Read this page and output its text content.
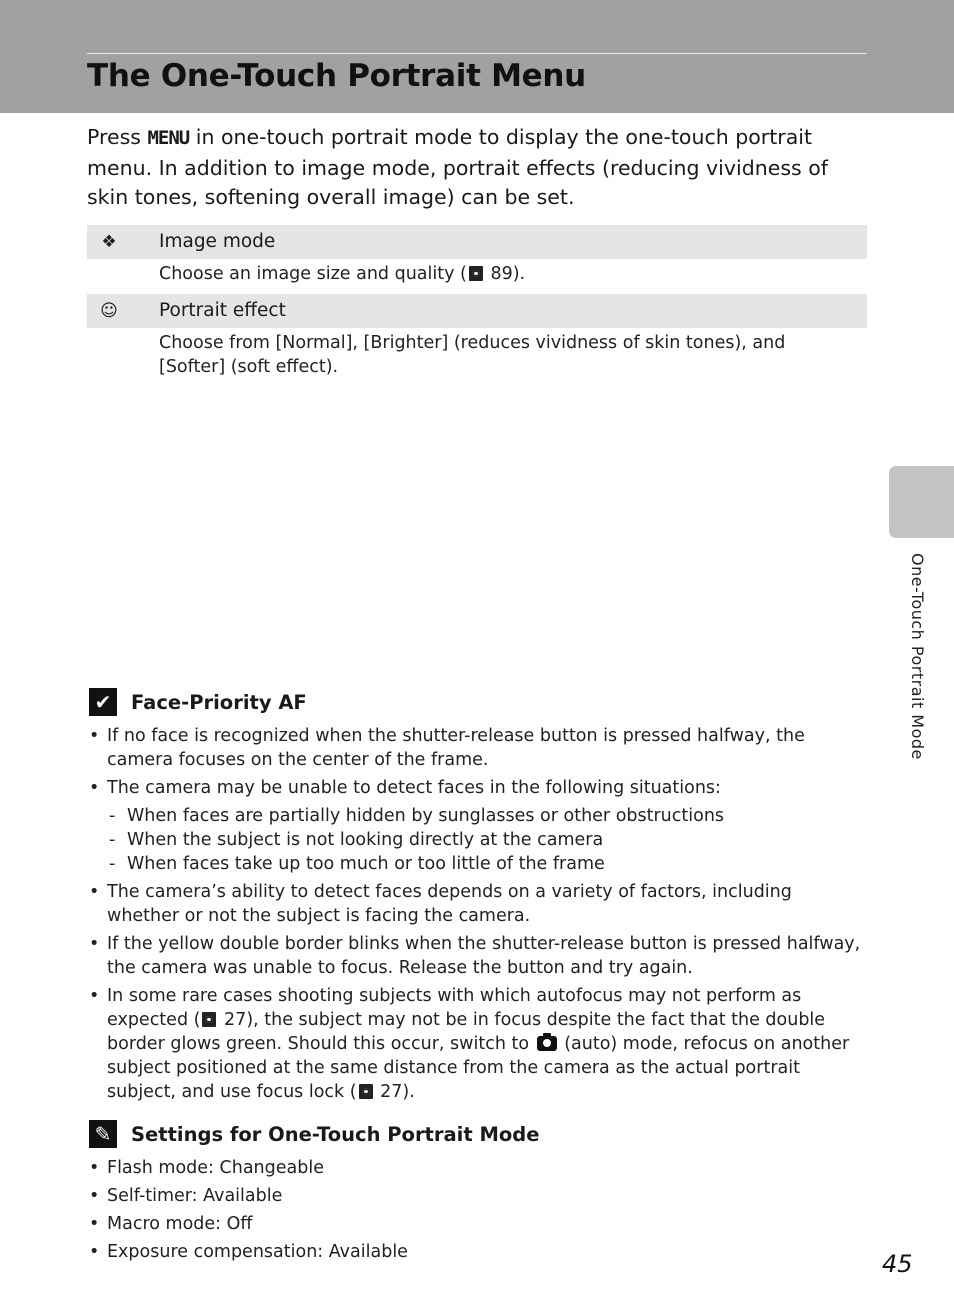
The One-Touch Portrait Menu

Press MENU in one-touch portrait mode to display the one-touch portrait menu. In addition to image mode, portrait effects (reducing vividness of skin tones, softening overall image) can be set.

❖ Image mode
Choose an image size and quality ( 89).
☺ Portrait effect
Choose from [Normal], [Brighter] (reduces vividness of skin tones), and [Softer] (soft effect).
One-Touch Portrait Mode
✔ Face-Priority AF
• If no face is recognized when the shutter-release button is pressed halfway, the camera focuses on the center of the frame.
• The camera may be unable to detect faces in the following situations:
- When faces are partially hidden by sunglasses or other obstructions
- When the subject is not looking directly at the camera
- When faces take up too much or too little of the frame
• The camera’s ability to detect faces depends on a variety of factors, including whether or not the subject is facing the camera.
• If the yellow double border blinks when the shutter-release button is pressed halfway, the camera was unable to focus. Release the button and try again.
• In some rare cases shooting subjects with which autofocus may not perform as expected ( 27), the subject may not be in focus despite the fact that the double border glows green. Should this occur, switch to  (auto) mode, refocus on another subject positioned at the same distance from the camera as the actual portrait subject, and use focus lock ( 27).
✎ Settings for One-Touch Portrait Mode
• Flash mode: Changeable
• Self-timer: Available
• Macro mode: Off
• Exposure compensation: Available	45
